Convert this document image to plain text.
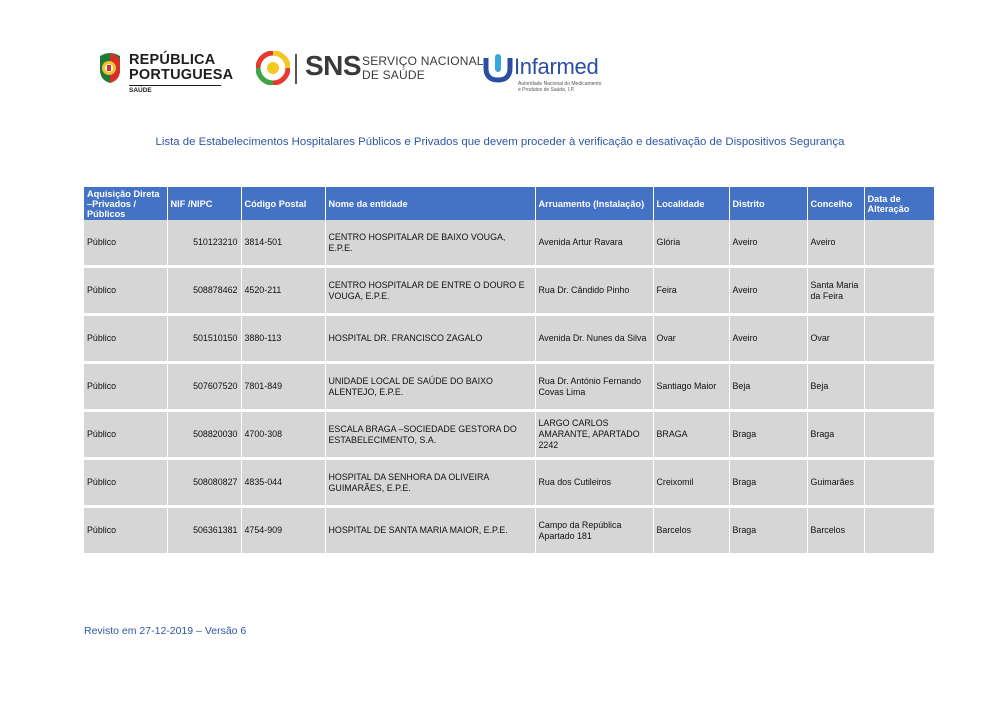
REPÚBLICA
PORTUGUESA
SAÚDE
SNS SERVIÇO NACIONAL
DE SAÚDE	Infarmed
Autoridade Nacional do Medicamento
e Produtos de Saúde, I.P.
Lista de Estabelecimentos Hospitalares Públicos e Privados que devem proceder à verificação e desativação de Dispositivos Segurança
Aquisição Direta –Privados / Públicos	NIF /NIPC	Código Postal	Nome da entidade	Arruamento (Instalação)	Localidade	Distrito	Concelho	Data de Alteração
Público	510123210	3814-501	CENTRO HOSPITALAR DE BAIXO VOUGA, E.P.E.	Avenida Artur Ravara	Glória	Aveiro	Aveiro	
Público	508878462	4520-211	CENTRO HOSPITALAR DE ENTRE O DOURO E VOUGA, E.P.E.	Rua Dr. Cândido Pinho	Feira	Aveiro	Santa Maria da Feira	
Público	501510150	3880-113	HOSPITAL DR. FRANCISCO ZAGALO	Avenida Dr. Nunes da Silva	Ovar	Aveiro	Ovar	
Público	507607520	7801-849	UNIDADE LOCAL DE SAÚDE DO BAIXO ALENTEJO, E.P.E.	Rua Dr. António Fernando Covas Lima	Santiago Maior	Beja	Beja	
Público	508820030	4700-308	ESCALA BRAGA –SOCIEDADE GESTORA DO ESTABELECIMENTO, S.A.	LARGO CARLOS AMARANTE, APARTADO 2242	BRAGA	Braga	Braga	
Público	508080827	4835-044	HOSPITAL DA SENHORA DA OLIVEIRA GUIMARÃES, E.P.E.	Rua dos Cutileiros	Creixomil	Braga	Guimarães	
Público	506361381	4754-909	HOSPITAL DE SANTA MARIA MAIOR, E.P.E.	Campo da República Apartado 181	Barcelos	Braga	Barcelos	
Revisto em 27-12-2019 – Versão 6
